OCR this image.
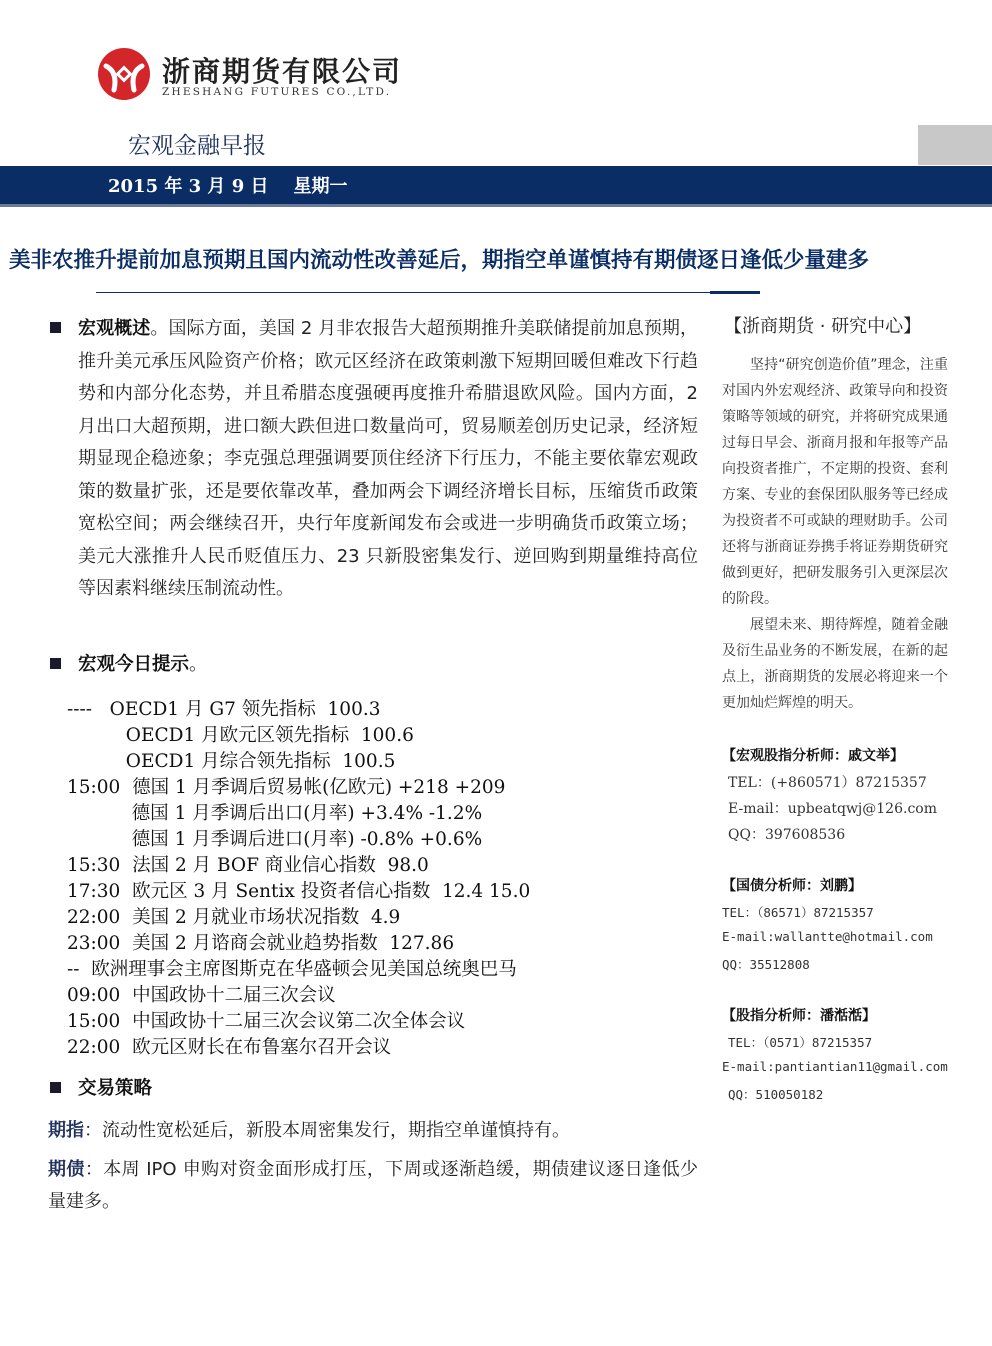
浙商期货有限公司
ZHESHANG FUTURES CO.,LTD.
宏观金融早报
2015 年 3 月 9 日    星期一
美非农推升提前加息预期且国内流动性改善延后，期指空单谨慎持有期债逐日逢低少量建多
宏观概述。国际方面，美国 2 月非农报告大超预期推升美联储提前加息预期，推升美元承压风险资产价格；欧元区经济在政策刺激下短期回暖但难改下行趋势和内部分化态势，并且希腊态度强硬再度推升希腊退欧风险。国内方面，2 月出口大超预期，进口额大跌但进口数量尚可，贸易顺差创历史记录，经济短期显现企稳迹象；李克强总理强调要顶住经济下行压力，不能主要依靠宏观政策的数量扩张，还是要依靠改革，叠加两会下调经济增长目标，压缩货币政策宽松空间；两会继续召开，央行年度新闻发布会或进一步明确货币政策立场；美元大涨推升人民币贬值压力、23 只新股密集发行、逆回购到期量维持高位等因素料继续压制流动性。
宏观今日提示。
----   OECD1 月 G7 领先指标  100.3
OECD1 月欧元区领先指标  100.6
OECD1 月综合领先指标  100.5
15:00  德国 1 月季调后贸易帐(亿欧元) +218 +209
德国 1 月季调后出口(月率) +3.4% -1.2%
德国 1 月季调后进口(月率) -0.8% +0.6%
15:30  法国 2 月 BOF 商业信心指数  98.0
17:30  欧元区 3 月 Sentix 投资者信心指数  12.4 15.0
22:00  美国 2 月就业市场状况指数  4.9
23:00  美国 2 月谘商会就业趋势指数  127.86
--  欧洲理事会主席图斯克在华盛顿会见美国总统奥巴马
09:00  中国政协十二届三次会议
15:00  中国政协十二届三次会议第二次全体会议
22:00  欧元区财长在布鲁塞尔召开会议
交易策略
期指：流动性宽松延后，新股本周密集发行，期指空单谨慎持有。
期债：本周 IPO 申购对资金面形成打压，下周或逐渐趋缓，期债建议逐日逢低少量建多。
【浙商期货 · 研究中心】
坚持“研究创造价值”理念，注重对国内外宏观经济、政策导向和投资策略等领域的研究，并将研究成果通过每日早会、浙商月报和年报等产品向投资者推广，不定期的投资、套利方案、专业的套保团队服务等已经成为投资者不可或缺的理财助手。公司还将与浙商证券携手将证券期货研究做到更好，把研发服务引入更深层次的阶段。
展望未来、期待辉煌，随着金融及衍生品业务的不断发展，在新的起点上，浙商期货的发展必将迎来一个更加灿烂辉煌的明天。
【宏观股指分析师：戚文举】
TEL：(+860571）87215357
E-mail：upbeatqwj@126.com
QQ：397608536
【国债分析师：刘鹏】
TEL：（86571）87215357
E-mail:wallantte@hotmail.com
QQ：35512808
【股指分析师：潘湉湉】
TEL：（0571）87215357
E-mail:pantiantian11@gmail.com
QQ：510050182
